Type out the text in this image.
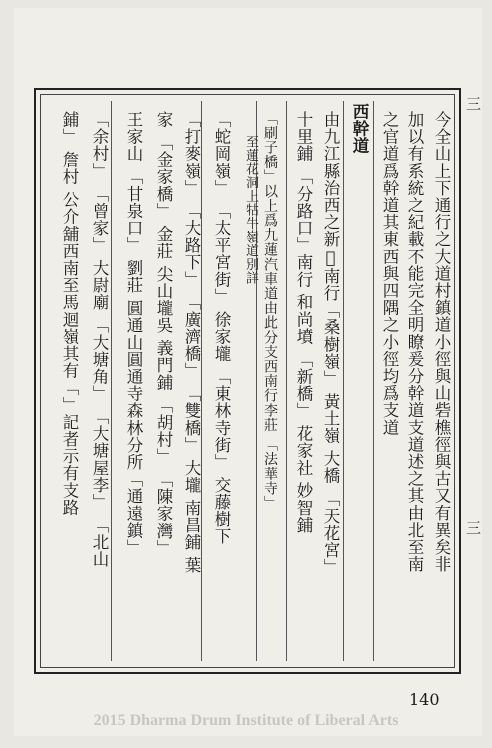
今全山上下通行之大道村鎮道小徑與山砦樵徑與古又有異矣非
加以有系統之紀載不能完全明瞭爰分幹道支道述之其由北至南
之官道爲幹道其東西與四隅之小徑均爲支道
西幹道
由九江縣治西之新𤄊南行「桑樹嶺」 黃土嶺 大橋 「天花宮」
十里鋪 「分路口」南行 和尚墳 「新橋」 花家社 妙智鋪
「刷子橋」以上爲九蓮汽車道由此分支西南行李莊 「法華寺」
至蓮花洞上牯牛嶺道別詳
「蛇岡嶺」 「太平宮街」 徐家壠 「東林寺街」 交藤樹下
「打麥嶺」 「大路下」 「廣濟橋」 「雙橋」 大壠 南昌鋪 葉
家 「金家橋」 金莊 尖山壠吳 義門鋪 「胡村」 「陳家灣」
王家山 「甘泉口」 劉莊 圓通山圓通寺森林分所「通遠鎮」
「余村」 「曾家」 大尉廟 「大塘角」 「大塘屋李」 「北山
鋪」 詹村 公介舖西南至馬迴嶺其有「」記者示有支路
三
三
140
2015 Dharma Drum Institute of Liberal Arts
